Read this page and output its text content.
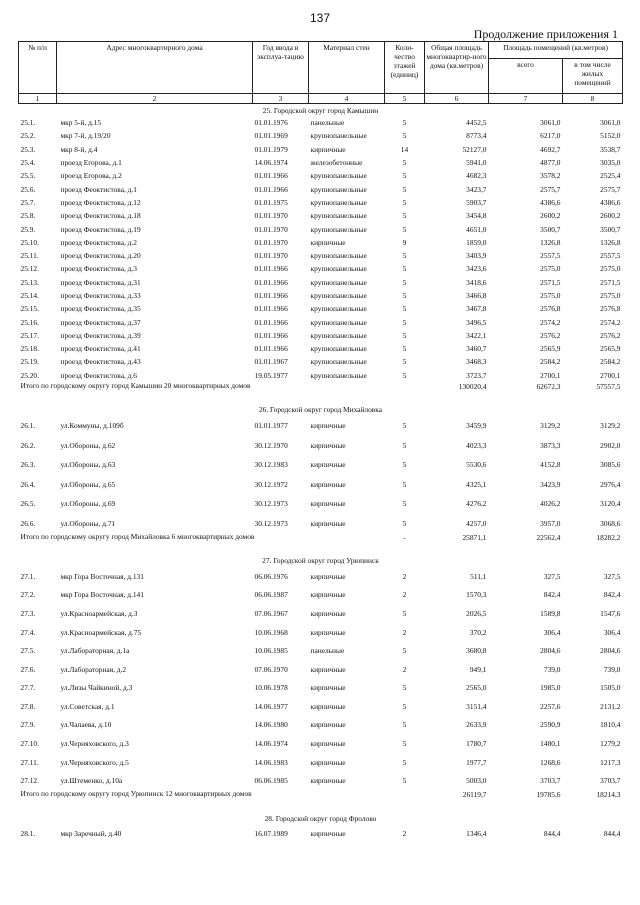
137
Продолжение приложения 1
№ п/п	Адрес многоквартирного дома	Год ввода в эксплуа-тацию	Материал стен	Коли-чество этажей (единиц)	Общая площадь многоквартир-ного дома (кв.метров)	Площадь помещений (кв.метров)	
						всего	в том числе жилых помещений
1	2	3	4	5	6	7	8
25. Городской округ город Камышин							
25.1.	мкр 5-й, д.15	01.01.1976	панельные	5	4452,5	3061,0	3061,0
25.2.	мкр 7-й, д.19/20	01.01.1969	крупнопанельные	5	8773,4	6217,0	5152,0
25.3.	мкр 8-й, д.4	01.01.1979	кирпичные	14	52127,0	4692,7	3538,7
25.4.	проезд Егорова, д.1	14.06.1974	железобетонные	5	5941,0	4877,0	3035,0
25.5.	проезд Егорова, д.2	01.01.1966	крупнопанельные	5	4682,3	3578,2	2525,4
25.6.	проезд Феоктистова, д.1	01.01.1966	крупнопанельные	5	3423,7	2575,7	2575,7
25.7.	проезд Феоктистова, д.12	01.01.1975	крупнопанельные	5	5903,7	4386,6	4386,6
25.8.	проезд Феоктистова, д.18	01.01.1970	крупнопанельные	5	3454,8	2600,2	2600,2
25.9.	проезд Феоктистова, д.19	01.01.1970	крупнопанельные	5	4651,0	3500,7	3500,7
25.10.	проезд Феоктистова, д.2	01.01.1970	кирпичные	9	1859,0	1326,8	1326,8
25.11.	проезд Феоктистова, д.20	01.01.1970	крупнопанельные	5	3403,9	2557,5	2557,5
25.12.	проезд Феоктистова, д.3	01.01.1966	крупнопанельные	5	3423,6	2575,0	2575,0
25.13.	проезд Феоктистова, д.31	01.01.1966	крупнопанельные	5	3418,6	2571,5	2571,5
25.14.	проезд Феоктистова, д.33	01.01.1966	крупнопанельные	5	3466,8	2575,0	2575,0
25.15.	проезд Феоктистова, д.35	01.01.1966	крупнопанельные	5	3467,8	2576,8	2576,8
25.16.	проезд Феоктистова, д.37	01.01.1966	крупнопанельные	5	3496,5	2574,2	2574,2
25.17.	проезд Феоктистова, д.39	01.01.1966	крупнопанельные	5	3422,1	2576,2	2576,2
25.18.	проезд Феоктистова, д.41	01.01.1966	крупнопанельные	5	3460,7	2565,9	2565,9
25.19.	проезд Феоктистова, д.43	01.01.1967	крупнопанельные	5	3468,3	2584,2	2584,2
25.20.	проезд Феоктистова, д.6	19.05.1977	крупнопанельные	5	3723,7	2700,1	2700,1
Итого по городскому округу город Камышин 20 многоквартирных домов					130020,4	62672,3	57557,5
26. Городской округ город Михайловка							
26.1.	ул.Коммуны, д.109б	01.01.1977	кирпичные	5	3459,9	3129,2	3129,2
26.2.	ул.Обороны, д.62	30.12.1970	кирпичные	5	4023,3	3873,3	2902,0
26.3.	ул.Обороны, д.63	30.12.1983	кирпичные	5	5530,6	4152,8	3085,6
26.4.	ул.Обороны, д.65	30.12.1972	кирпичные	5	4325,1	3423,9	2976,4
26.5.	ул.Обороны, д.69	30.12.1973	кирпичные	5	4276,2	4026,2	3120,4
26.6.	ул.Обороны, д.71	30.12.1973	кирпичные	5	4257,0	3957,0	3068,6
Итого по городскому округу город Михайловка 6 многоквартирных домов				-	25871,1	22562,4	18282,2
27. Городской округ город Урюпинск							
27.1.	мкр Гора Восточная, д.131	06.06.1976	кирпичные	2	511,1	327,5	327,5
27.2.	мкр Гора Восточная, д.141	06.06.1987	кирпичные	2	1570,3	842,4	842,4
27.3.	ул.Красноармейская, д.3	07.06.1967	кирпичные	5	2026,5	1589,8	1547,6
27.4.	ул.Красноармейская, д.75	10.06.1968	кирпичные	2	370,2	306,4	306,4
27.5.	ул.Лабораторная, д.1а	10.06.1985	панельные	5	3680,8	2804,6	2804,6
27.6.	ул.Лабораторная, д.2	07.06.1970	кирпичные	2	949,1	739,0	739,0
27.7.	ул.Лизы Чайкиной, д.3	10.06.1978	кирпичные	5	2565,0	1985,0	1505,0
27.8.	ул.Советская, д.1	14.06.1977	кирпичные	5	3151,4	2257,6	2131,2
27.9.	ул.Чапаева, д.10	14.06.1980	кирпичные	5	2633,9	2590,9	1810,4
27.10.	ул.Черняховского, д.3	14.06.1974	кирпичные	5	1780,7	1480,1	1279,2
27.11.	ул.Черняховского, д.5	14.06.1983	кирпичные	5	1977,7	1268,6	1217,3
27.12.	ул.Штеменко, д.10а	06.06.1985	кирпичные	5	5003,0	3703,7	3703,7
Итого по городскому округу город Урюпинск 12 многоквартирных домов					26119,7	19785,6	18214,3
28. Городской округ город Фролово							
28.1.	мкр Заречный, д.40	16.07.1989	кирпичные	2	1346,4	844,4	844,4
